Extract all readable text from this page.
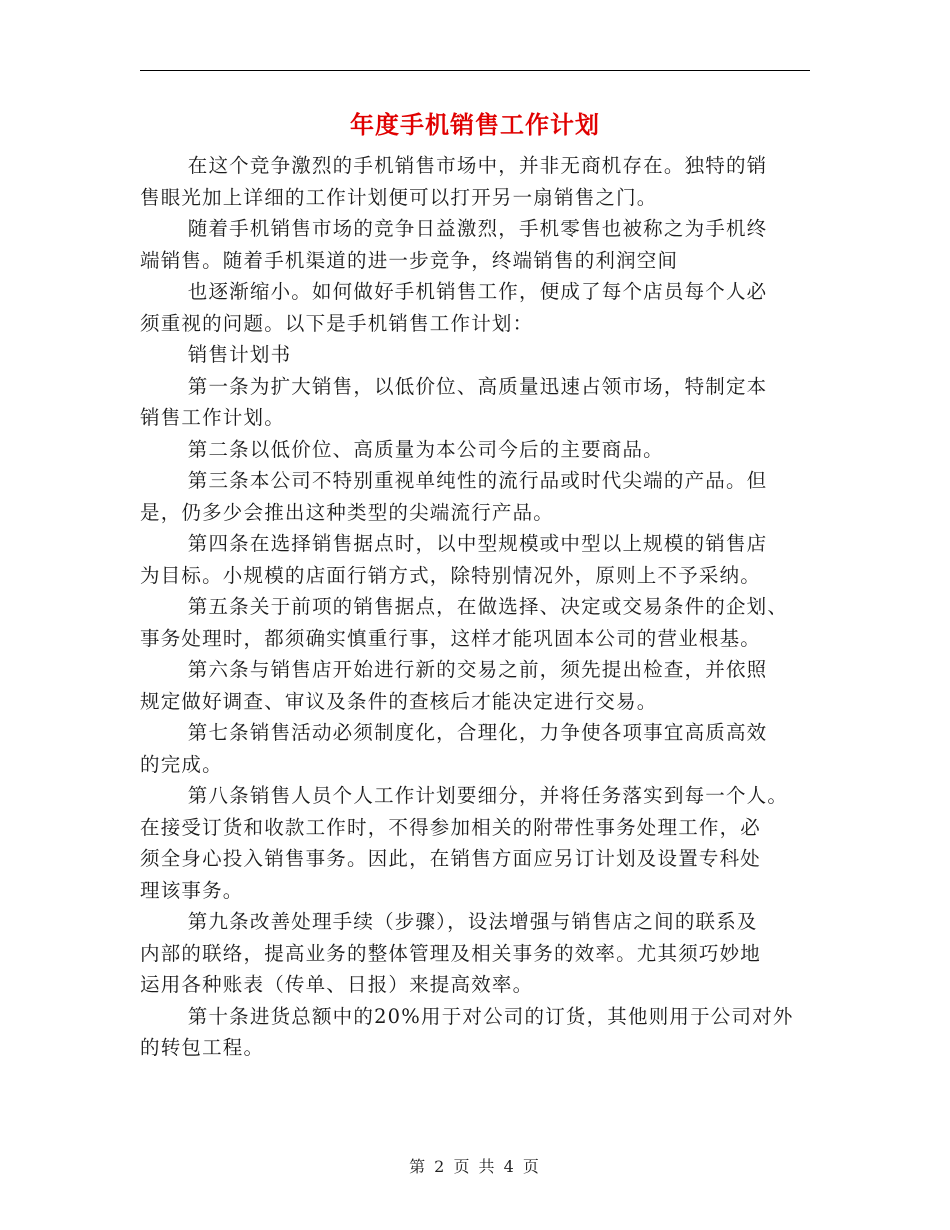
年度手机销售工作计划

在这个竞争激烈的手机销售市场中，并非无商机存在。独特的销
售眼光加上详细的工作计划便可以打开另一扇销售之门。

随着手机销售市场的竞争日益激烈，手机零售也被称之为手机终
端销售。随着手机渠道的进一步竞争，终端销售的利润空间

也逐渐缩小。如何做好手机销售工作，便成了每个店员每个人必
须重视的问题。以下是手机销售工作计划：

销售计划书

第一条为扩大销售，以低价位、高质量迅速占领市场，特制定本
销售工作计划。

第二条以低价位、高质量为本公司今后的主要商品。

第三条本公司不特别重视单纯性的流行品或时代尖端的产品。但
是，仍多少会推出这种类型的尖端流行产品。

第四条在选择销售据点时，以中型规模或中型以上规模的销售店
为目标。小规模的店面行销方式，除特别情况外，原则上不予采纳。

第五条关于前项的销售据点，在做选择、决定或交易条件的企划、
事务处理时，都须确实慎重行事，这样才能巩固本公司的营业根基。

第六条与销售店开始进行新的交易之前，须先提出检查，并依照
规定做好调查、审议及条件的查核后才能决定进行交易。

第七条销售活动必须制度化，合理化，力争使各项事宜高质高效
的完成。

第八条销售人员个人工作计划要细分，并将任务落实到每一个人。
在接受订货和收款工作时，不得参加相关的附带性事务处理工作，必
须全身心投入销售事务。因此，在销售方面应另订计划及设置专科处
理该事务。

第九条改善处理手续（步骤），设法增强与销售店之间的联系及
内部的联络，提高业务的整体管理及相关事务的效率。尤其须巧妙地
运用各种账表（传单、日报）来提高效率。

第十条进货总额中的20%用于对公司的订货，其他则用于公司对外
的转包工程。

第 2 页 共 4 页
